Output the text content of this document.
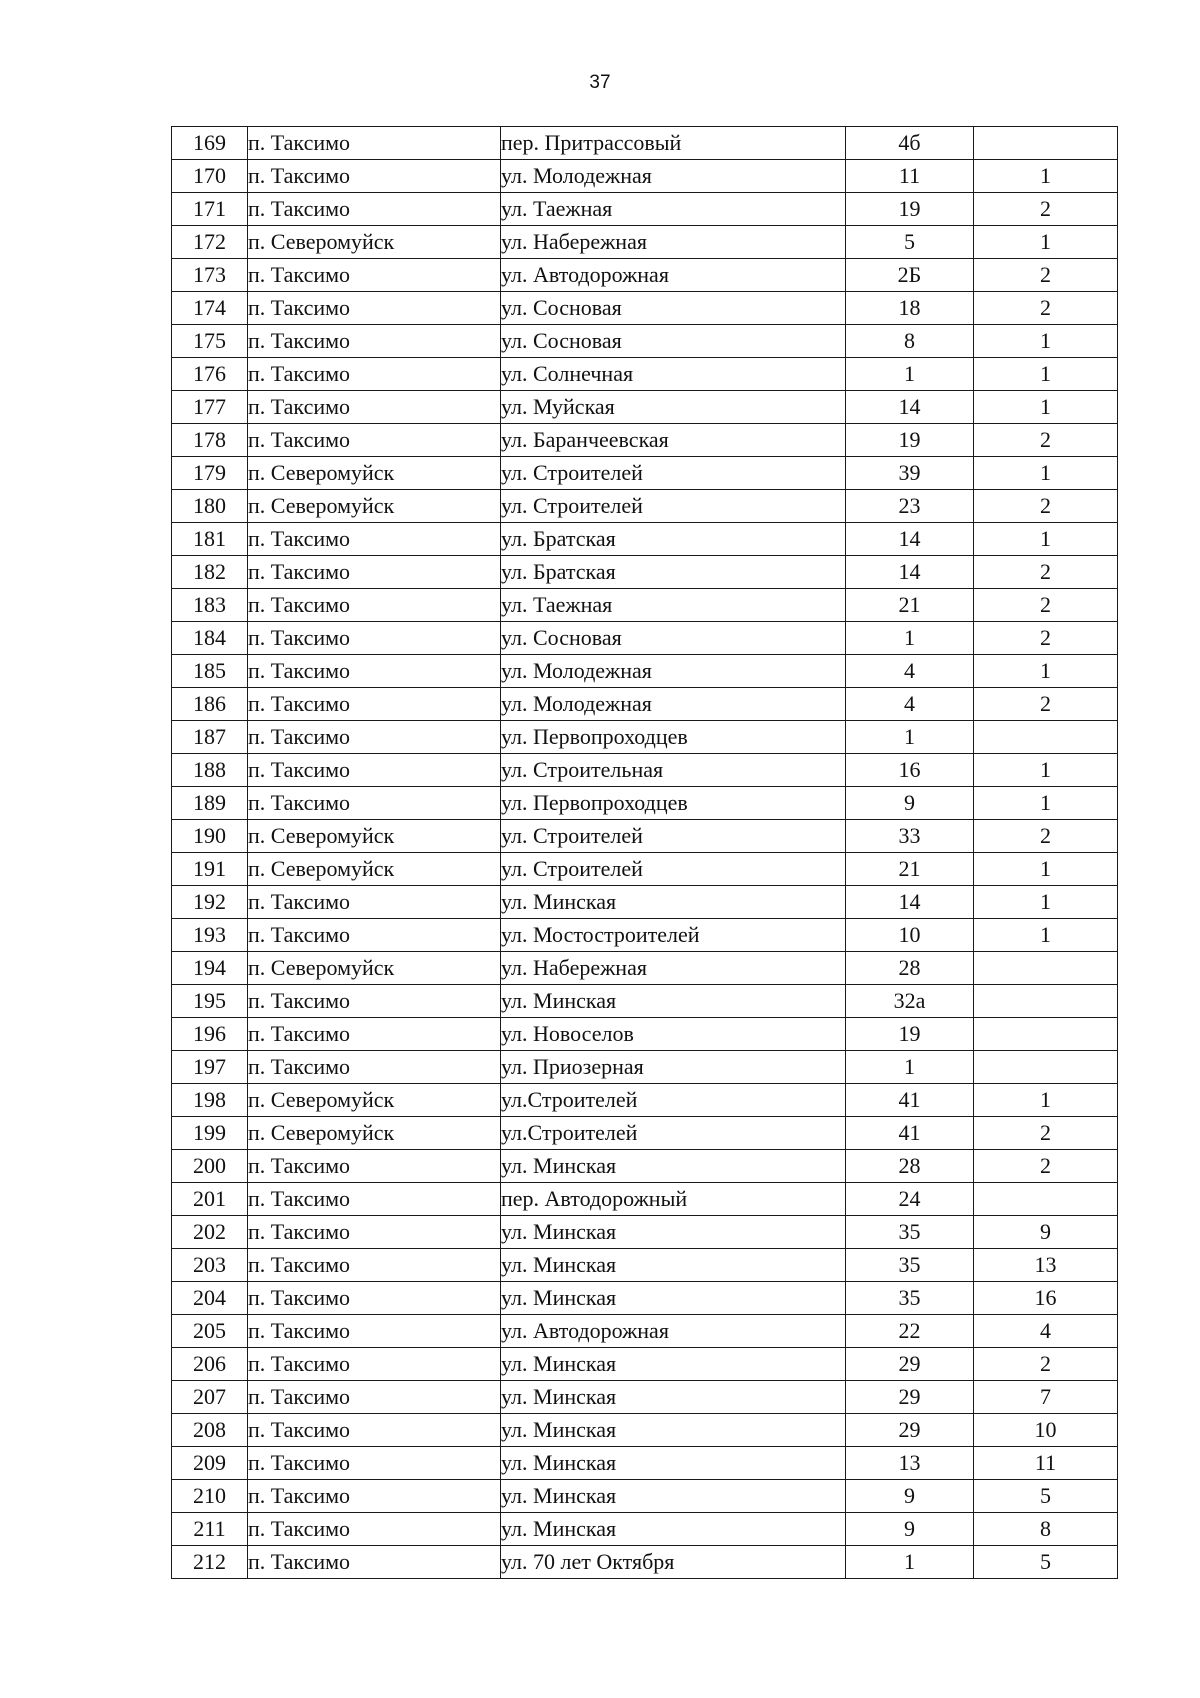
37
169	п. Таксимо	пер. Притрассовый	4б	
170	п. Таксимо	ул. Молодежная	11	1
171	п. Таксимо	ул. Таежная	19	2
172	п. Северомуйск	ул. Набережная	5	1
173	п. Таксимо	ул. Автодорожная	2Б	2
174	п. Таксимо	ул. Сосновая	18	2
175	п. Таксимо	ул. Сосновая	8	1
176	п. Таксимо	ул. Солнечная	1	1
177	п. Таксимо	ул. Муйская	14	1
178	п. Таксимо	ул. Баранчеевская	19	2
179	п. Северомуйск	ул. Строителей	39	1
180	п. Северомуйск	ул. Строителей	23	2
181	п. Таксимо	ул. Братская	14	1
182	п. Таксимо	ул. Братская	14	2
183	п. Таксимо	ул. Таежная	21	2
184	п. Таксимо	ул. Сосновая	1	2
185	п. Таксимо	ул. Молодежная	4	1
186	п. Таксимо	ул. Молодежная	4	2
187	п. Таксимо	ул. Первопроходцев	1	
188	п. Таксимо	ул. Строительная	16	1
189	п. Таксимо	ул. Первопроходцев	9	1
190	п. Северомуйск	ул. Строителей	33	2
191	п. Северомуйск	ул. Строителей	21	1
192	п. Таксимо	ул. Минская	14	1
193	п. Таксимо	ул. Мостостроителей	10	1
194	п. Северомуйск	ул. Набережная	28	
195	п. Таксимо	ул. Минская	32а	
196	п. Таксимо	ул. Новоселов	19	
197	п. Таксимо	ул. Приозерная	1	
198	п. Северомуйск	ул.Строителей	41	1
199	п. Северомуйск	ул.Строителей	41	2
200	п. Таксимо	ул. Минская	28	2
201	п. Таксимо	пер. Автодорожный	24	
202	п. Таксимо	ул. Минская	35	9
203	п. Таксимо	ул. Минская	35	13
204	п. Таксимо	ул. Минская	35	16
205	п. Таксимо	ул. Автодорожная	22	4
206	п. Таксимо	ул. Минская	29	2
207	п. Таксимо	ул. Минская	29	7
208	п. Таксимо	ул. Минская	29	10
209	п. Таксимо	ул. Минская	13	11
210	п. Таксимо	ул. Минская	9	5
211	п. Таксимо	ул. Минская	9	8
212	п. Таксимо	ул. 70 лет Октября	1	5
